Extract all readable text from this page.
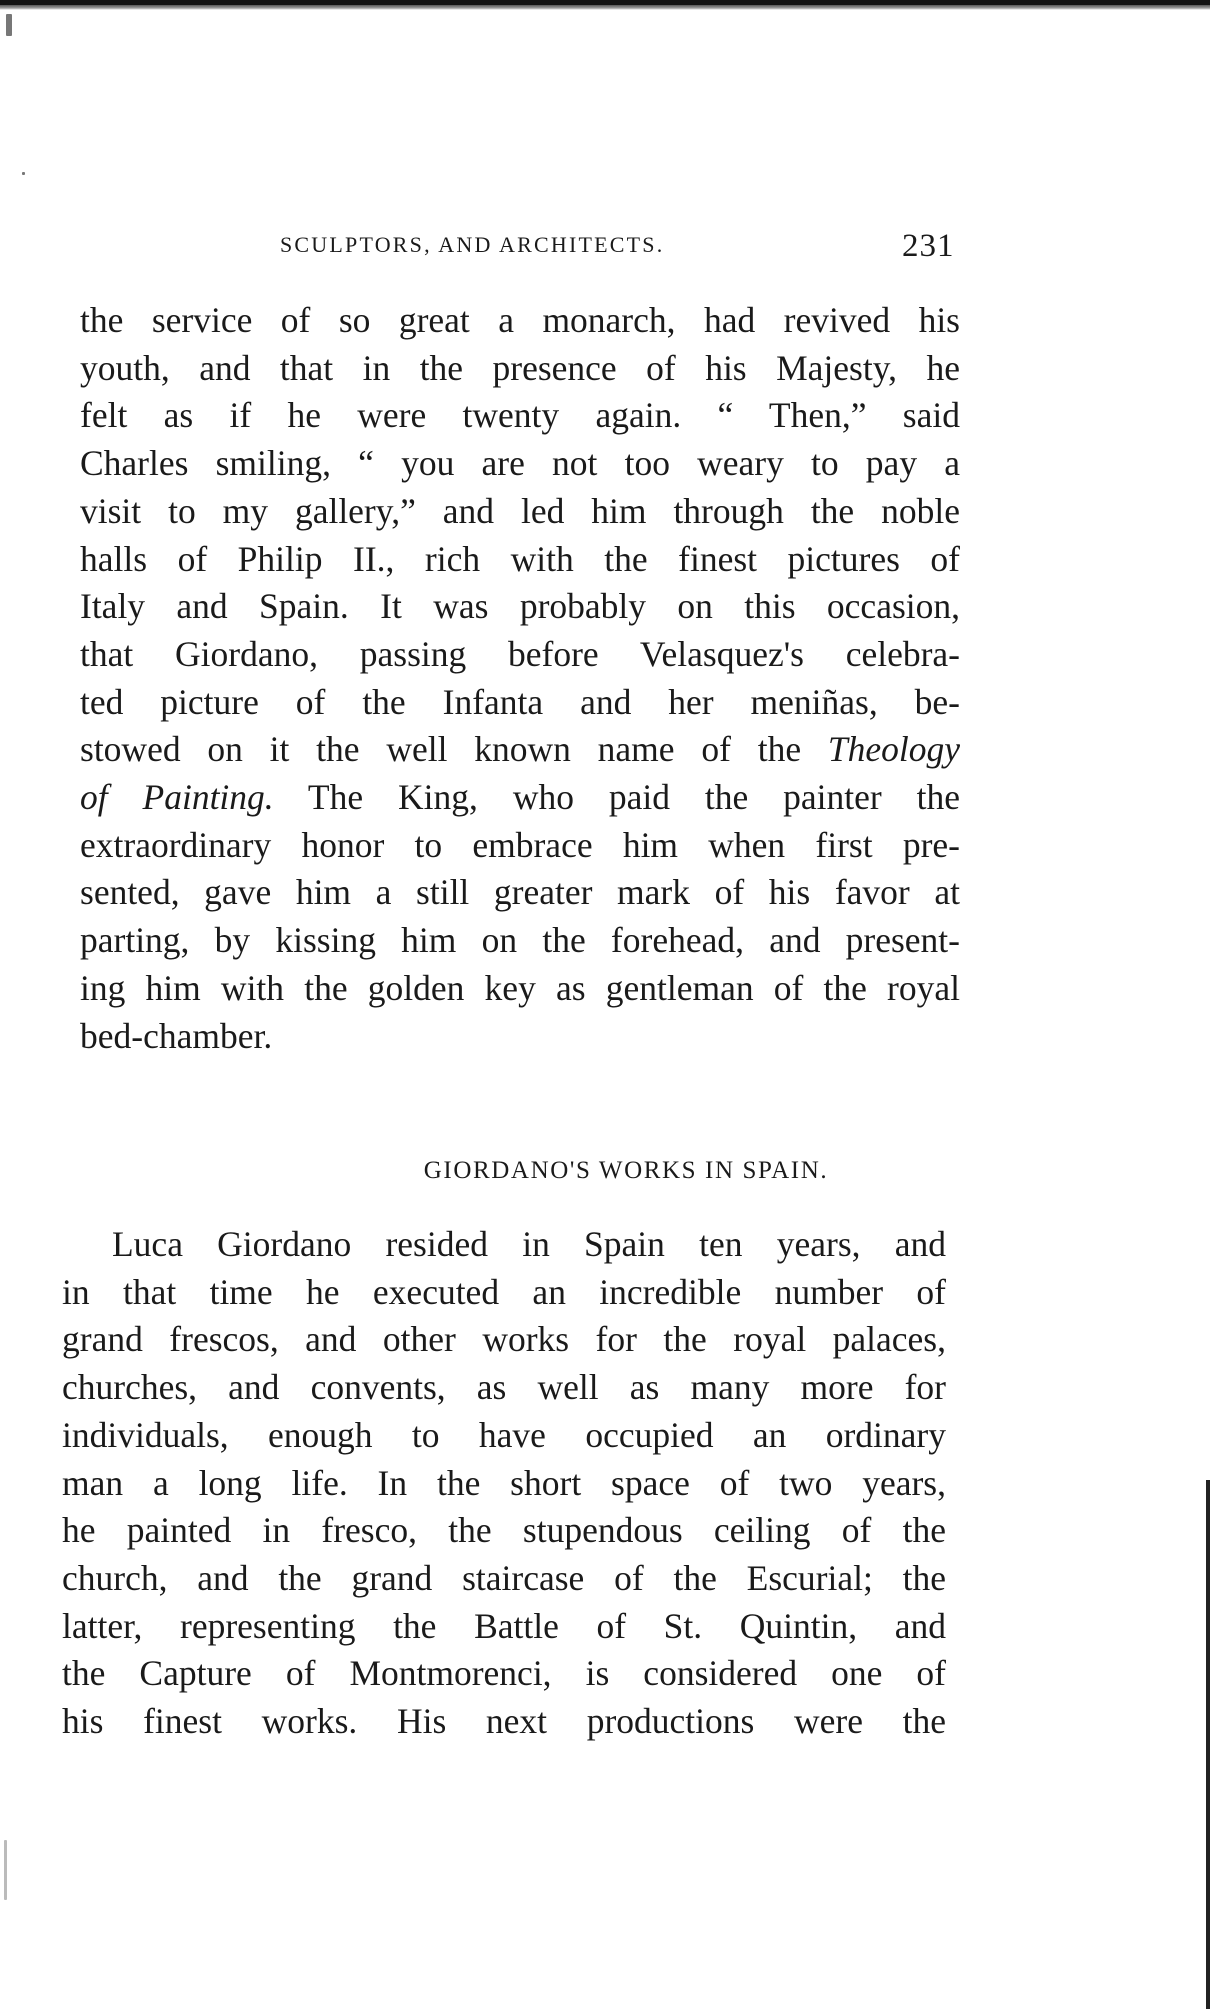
SCULPTORS, AND ARCHITECTS.	231
the service of so great a monarch, had revived his
youth, and that in the presence of his Majesty, he
felt as if he were twenty again. “ Then,” said
Charles smiling, “ you are not too weary to pay a
visit to my gallery,” and led him through the noble
halls of Philip II., rich with the finest pictures of
Italy and Spain. It was probably on this occasion,
that Giordano, passing before Velasquez's celebra-
ted picture of the Infanta and her meniñas, be-
stowed on it the well known name of the Theology
of Painting. The King, who paid the painter the
extraordinary honor to embrace him when first pre-
sented, gave him a still greater mark of his favor at
parting, by kissing him on the forehead, and present-
ing him with the golden key as gentleman of the royal
bed-chamber.
GIORDANO'S WORKS IN SPAIN.
Luca Giordano resided in Spain ten years, and
in that time he executed an incredible number of
grand frescos, and other works for the royal palaces,
churches, and convents, as well as many more for
individuals, enough to have occupied an ordinary
man a long life. In the short space of two years,
he painted in fresco, the stupendous ceiling of the
church, and the grand staircase of the Escurial; the
latter, representing the Battle of St. Quintin, and
the Capture of Montmorenci, is considered one of
his finest works. His next productions were the
